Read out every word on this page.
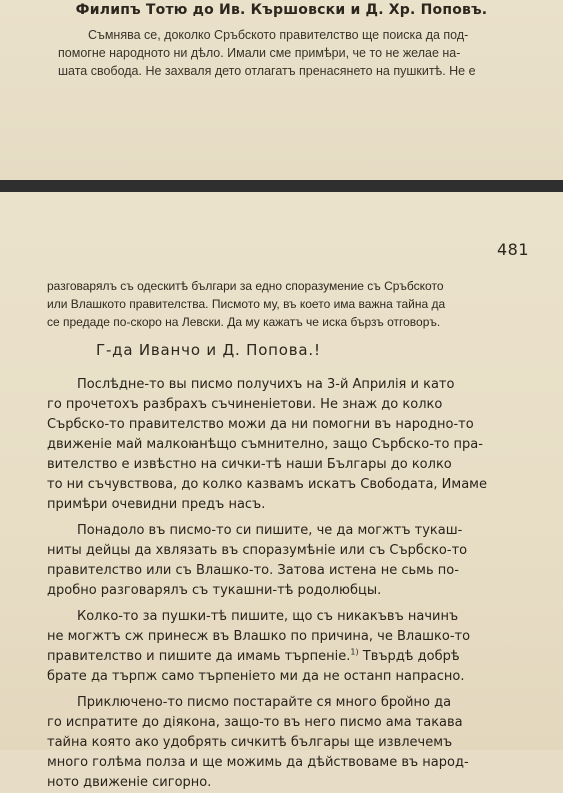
Филипъ Тотю до Ив. Кършовски и Д. Хр. Поповъ.
Съмнява се, доколко Сръбското правителство ще поиска да под-
помогне народното ни дѣло. Имали сме примѣри, че то не желае на-
шата свобода. Не захваля дето отлагатъ пренасянето на пушкитѣ. Не е
481
разговарялъ съ одескитѣ българи за едно споразумение съ Сръбското
или Влашкото правителства. Писмото му, въ което има важна тайна да
се предаде по-скоро на Левски. Да му кажатъ че иска бързъ отговоръ.
Г-да Иванчо и Д. Попова.!
Послѣдне-то вы писмо получихъ на 3-й Априлія и като
го прочетохъ разбрахъ съчиненіетови. Не знаж до колко
Сърбско-то правителство можи да ни помогни въ народно-то
движеніе май малкоꙗнѣщо съмнително, защо Сърбско-то пра-
вителство е извѣстно на сички-тѣ наши Българы до колко
то ни съчувствова, до колко казвамъ искатъ Свободата, Имаме
примѣри очевидни предъ насъ.
Понадоло въ писмо-то си пишите, че да могжтъ тукаш-
ниты дейцы да хвлязать въ споразумѣніе или съ Сърбско-то
правителство или съ Влашко-то. Затова истена не сьмь по-
дробно разговарялъ съ тукашни-тѣ родолюбцы.
Колко-то за пушки-тѣ пишите, що съ никакъвъ начинъ
не могжтъ сж принесж въ Влашко по причина, че Влашко-то
правителство и пишите да имамь търпеніе.$^{1)}$ Твърдѣ добрѣ
брате да търпж само търпеніето ми да не останп напрасно.
Приключено-то писмо постарайте ся много бройно да
го испратите до діякона, защо-то въ него писмо ама такава
тайна която ако удобрять сичкитѣ българы ще извлечемъ
много голѣма полза и ще можимь да дѣйствоваме въ народ-
ното движеніе сигорно.
